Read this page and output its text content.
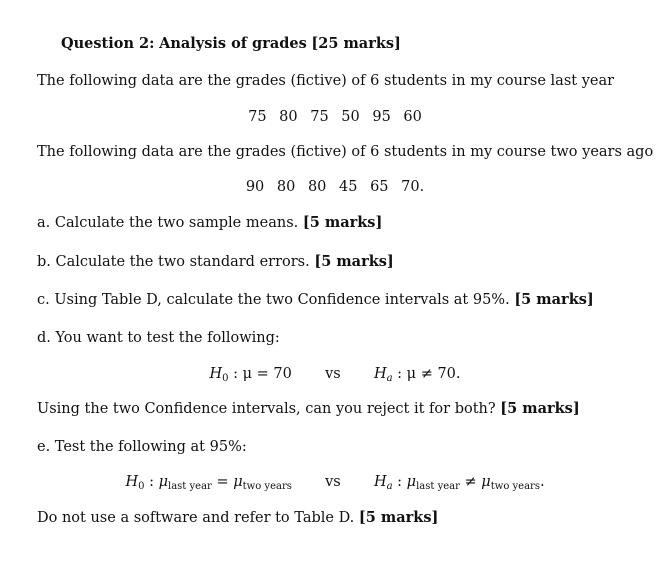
Question 2: Analysis of grades [25 marks]
The following data are the grades (fictive) of 6 students in my course last year
75 80 75 50 95 60
The following data are the grades (fictive) of 6 students in my course two years ago
90 80 80 45 65 70.
a. Calculate the two sample means. [5 marks]
b. Calculate the two standard errors. [5 marks]
c. Using Table D, calculate the two Confidence intervals at 95%. [5 marks]
d. You want to test the following:
$H_0$ : μ = 70 vs $H_a$ : μ ≠ 70.
Using the two Confidence intervals, can you reject it for both? [5 marks]
e. Test the following at 95%:
$H_0$ : $\mu_{last year} = \mu_{two years}$ vs $H_a$ : $\mu_{last year} \ne \mu_{two years}$.
Do not use a software and refer to Table D. [5 marks]
